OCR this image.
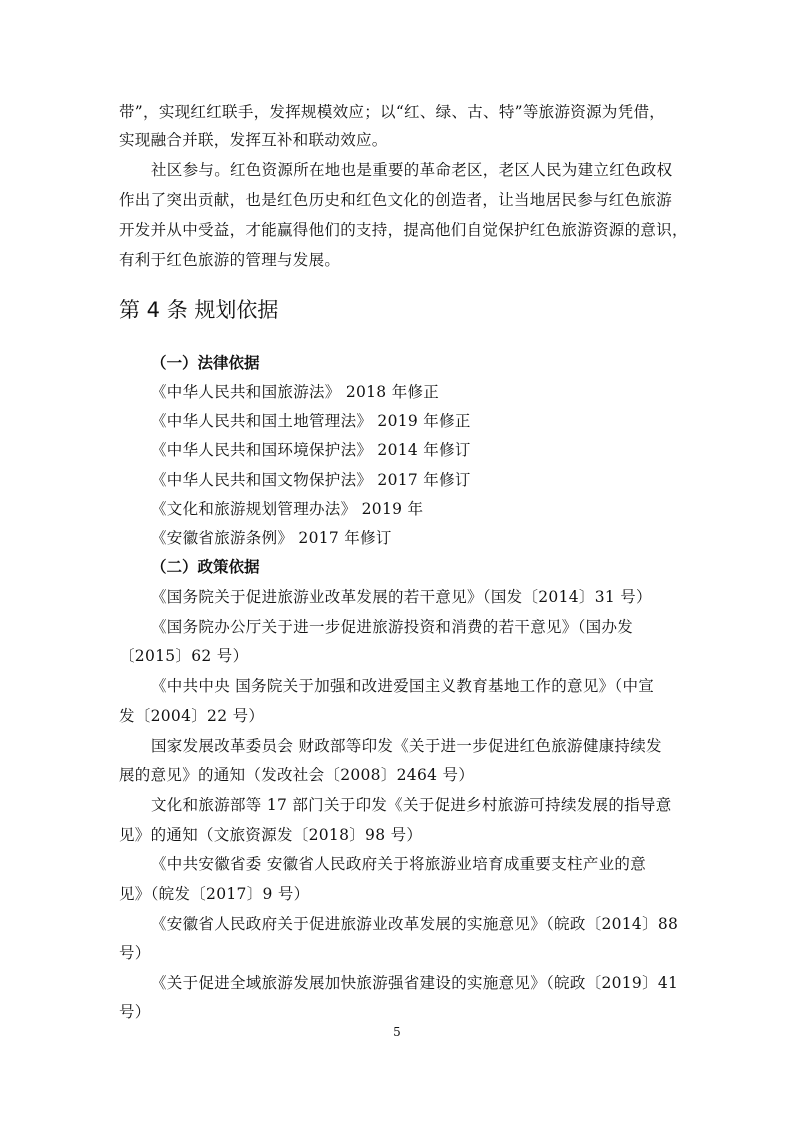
带”，实现红红联手，发挥规模效应；以“红、绿、古、特”等旅游资源为凭借，
实现融合并联，发挥互补和联动效应。
社区参与。红色资源所在地也是重要的革命老区，老区人民为建立红色政权
作出了突出贡献，也是红色历史和红色文化的创造者，让当地居民参与红色旅游
开发并从中受益，才能赢得他们的支持，提高他们自觉保护红色旅游资源的意识，
有利于红色旅游的管理与发展。
第 4 条 规划依据
（一）法律依据
《中华人民共和国旅游法》 2018 年修正
《中华人民共和国土地管理法》 2019 年修正
《中华人民共和国环境保护法》 2014 年修订
《中华人民共和国文物保护法》 2017 年修订
《文化和旅游规划管理办法》 2019 年
《安徽省旅游条例》 2017 年修订
（二）政策依据
《国务院关于促进旅游业改革发展的若干意见》（国发〔2014〕31 号）
《国务院办公厅关于进一步促进旅游投资和消费的若干意见》（国办发
〔2015〕62 号）
《中共中央 国务院关于加强和改进爱国主义教育基地工作的意见》（中宣
发〔2004〕22 号）
国家发展改革委员会 财政部等印发《关于进一步促进红色旅游健康持续发
展的意见》的通知（发改社会〔2008〕2464 号）
文化和旅游部等 17 部门关于印发《关于促进乡村旅游可持续发展的指导意
见》的通知（文旅资源发〔2018〕98 号）
《中共安徽省委 安徽省人民政府关于将旅游业培育成重要支柱产业的意
见》（皖发〔2017〕9 号）
《安徽省人民政府关于促进旅游业改革发展的实施意见》（皖政〔2014〕88
号）
《关于促进全域旅游发展加快旅游强省建设的实施意见》（皖政〔2019〕41
号）
5
